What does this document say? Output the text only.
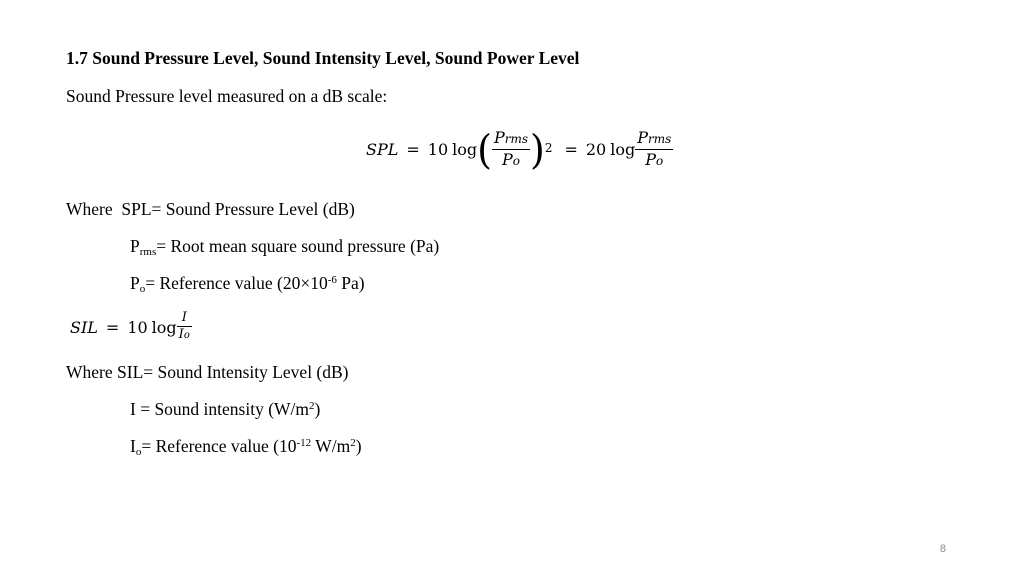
1.7 Sound Pressure Level, Sound Intensity Level, Sound Power Level
Sound Pressure level measured on a dB scale:
SPL = 10 log ( $\frac{\text{Prms}}{Po}$ ) 2 = 20 $\log \frac{\text{Prms}}{Po}$
Where  SPL= Sound Pressure Level (dB)
$P_{rms}=$ Root mean square sound pressure (Pa)
$P_o=$ Reference value ($20\times 10^{-6}$ Pa)
SIL = 10 $\log \frac{I}{Io}$
Where SIL= Sound Intensity Level (dB)
I = Sound intensity $(W/m^2)$
$I_o=$ Reference value ($10^{-12}$ $W/m^2$)
8
